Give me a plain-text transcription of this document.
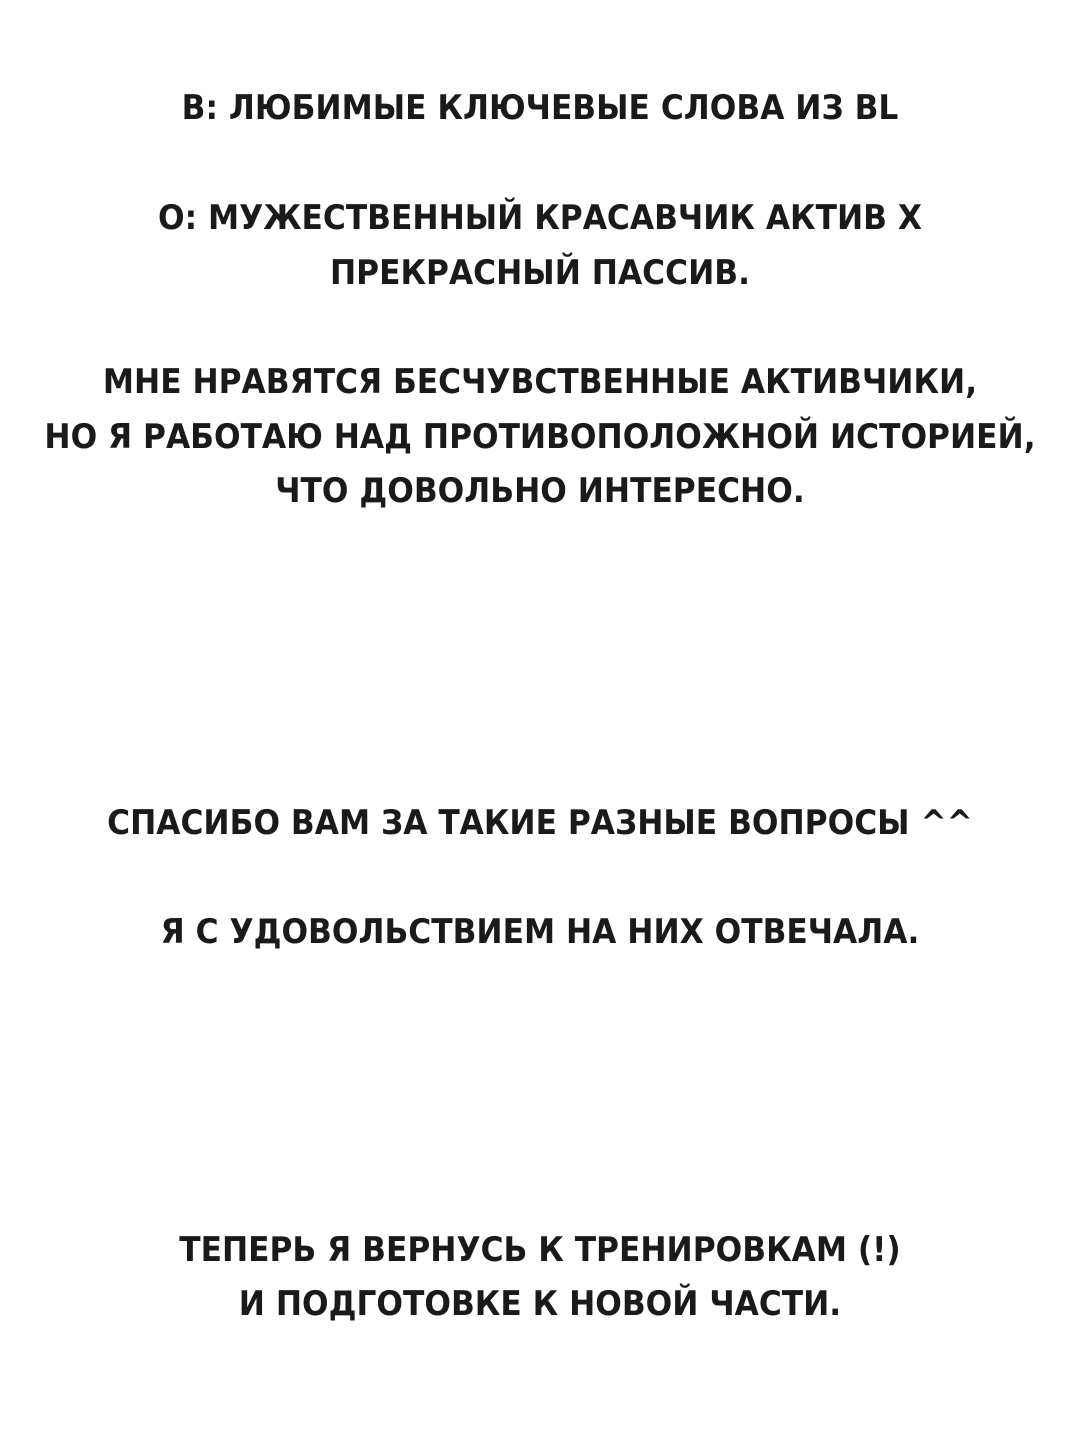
В: ЛЮБИМЫЕ КЛЮЧЕВЫЕ СЛОВА ИЗ BL
О: МУЖЕСТВЕННЫЙ КРАСАВЧИК АКТИВ Х
ПРЕКРАСНЫЙ ПАССИВ.
МНЕ НРАВЯТСЯ БЕСЧУВСТВЕННЫЕ АКТИВЧИКИ,
НО Я РАБОТАЮ НАД ПРОТИВОПОЛОЖНОЙ ИСТОРИЕЙ,
ЧТО ДОВОЛЬНО ИНТЕРЕСНО.
СПАСИБО ВАМ ЗА ТАКИЕ РАЗНЫЕ ВОПРОСЫ ^^
Я С УДОВОЛЬСТВИЕМ НА НИХ ОТВЕЧАЛА.
ТЕПЕРЬ Я ВЕРНУСЬ К ТРЕНИРОВКАМ (!)
И ПОДГОТОВКЕ К НОВОЙ ЧАСТИ.
